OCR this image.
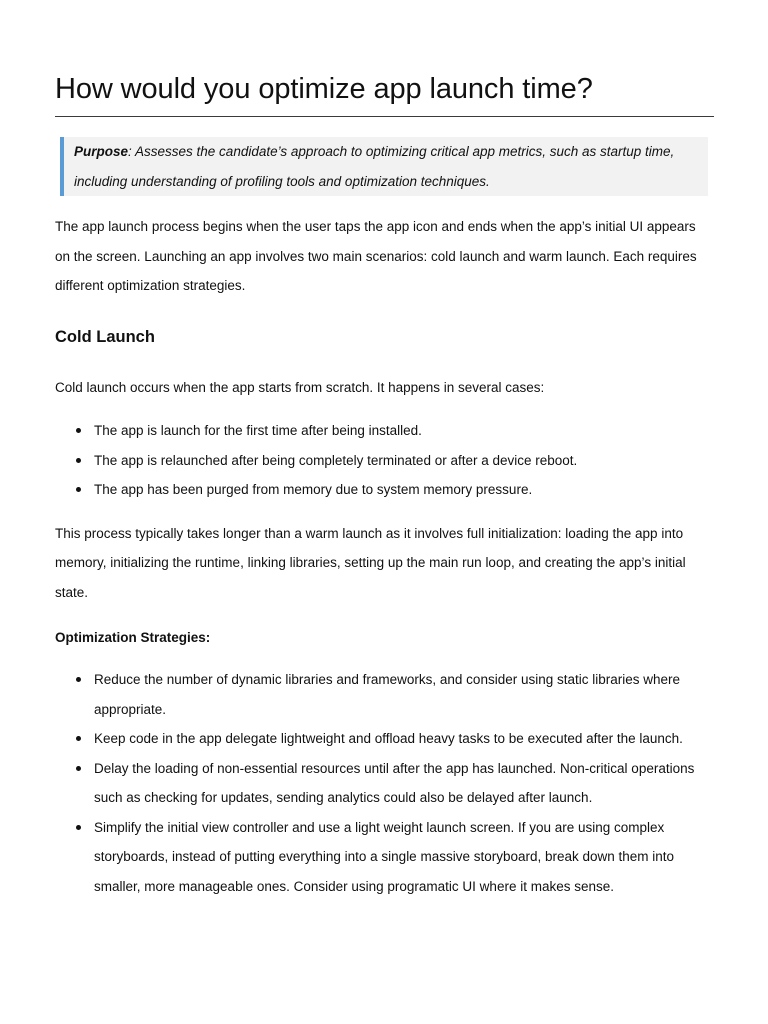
How would you optimize app launch time?
Purpose: Assesses the candidate’s approach to optimizing critical app metrics, such as startup time, including understanding of profiling tools and optimization techniques.

The app launch process begins when the user taps the app icon and ends when the app’s initial UI appears on the screen. Launching an app involves two main scenarios: cold launch and warm launch. Each requires different optimization strategies.

Cold Launch

Cold launch occurs when the app starts from scratch. It happens in several cases:

The app is launch for the first time after being installed.
The app is relaunched after being completely terminated or after a device reboot.
The app has been purged from memory due to system memory pressure.

This process typically takes longer than a warm launch as it involves full initialization: loading the app into memory, initializing the runtime, linking libraries, setting up the main run loop, and creating the app’s initial state.

Optimization Strategies:
Reduce the number of dynamic libraries and frameworks, and consider using static libraries where appropriate.
Keep code in the app delegate lightweight and offload heavy tasks to be executed after the launch.
Delay the loading of non-essential resources until after the app has launched. Non-critical operations such as checking for updates, sending analytics could also be delayed after launch.
Simplify the initial view controller and use a light weight launch screen. If you are using complex storyboards, instead of putting everything into a single massive storyboard, break down them into smaller, more manageable ones. Consider using programatic UI where it makes sense.
